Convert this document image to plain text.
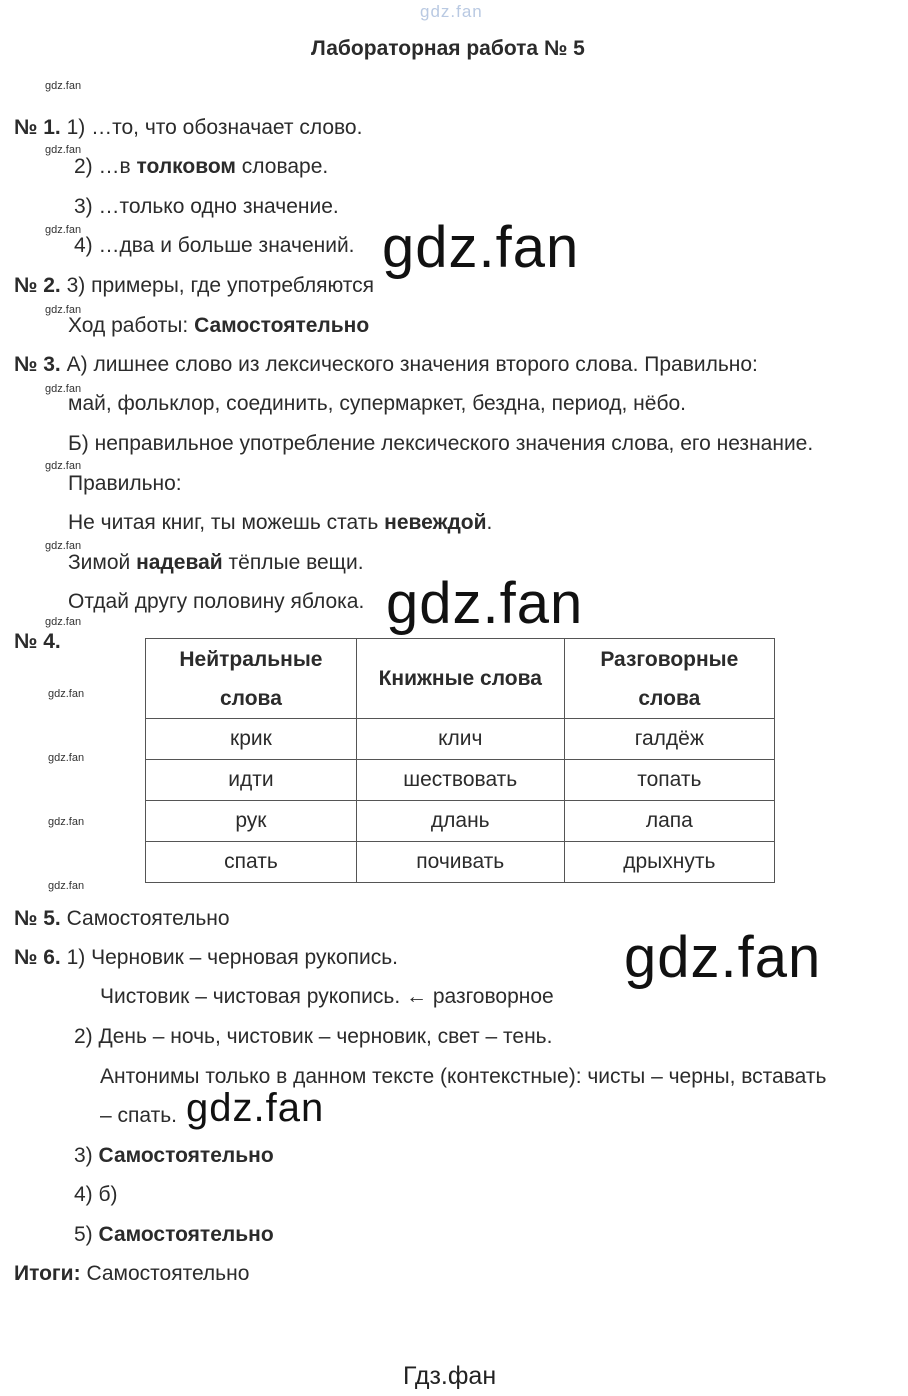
gdz.fan
Лабораторная работа № 5
gdz.fan
gdz.fan
gdz.fan
gdz.fan
gdz.fan
gdz.fan
gdz.fan
gdz.fan
gdz.fan
gdz.fan
gdz.fan
gdz.fan
№ 1. 1) …то, что обозначает слово.
2) …в толковом словаре.
3) …только одно значение.
4) …два и больше значений.
№ 2. 3) примеры, где употребляются
Ход работы: Самостоятельно
№ 3. А) лишнее слово из лексического значения второго слова. Правильно:
май, фольклор, соединить, супермаркет, бездна, период, нёбо.
Б) неправильное употребление лексического значения слова, его незнание.
Правильно:
Не читая книг, ты можешь стать невеждой.
Зимой надевай тёплые вещи.
Отдай другу половину яблока.
№ 4.
Нейтральные слова	Книжные слова	Разговорные слова
крик	клич	галдёж
идти	шествовать	топать
рук	длань	лапа
спать	почивать	дрыхнуть
№ 5. Самостоятельно
№ 6. 1) Черновик – черновая рукопись.
Чистовик – чистовая рукопись. ← разговорное
2) День – ночь, чистовик – черновик, свет – тень.
Антонимы только в данном тексте (контекстные): чисты – черны, вставать
– спать.
3) Самостоятельно
4) б)
5) Самостоятельно
Итоги: Самостоятельно
gdz.fan
gdz.fan
gdz.fan
gdz.fan
Гдз.фан
